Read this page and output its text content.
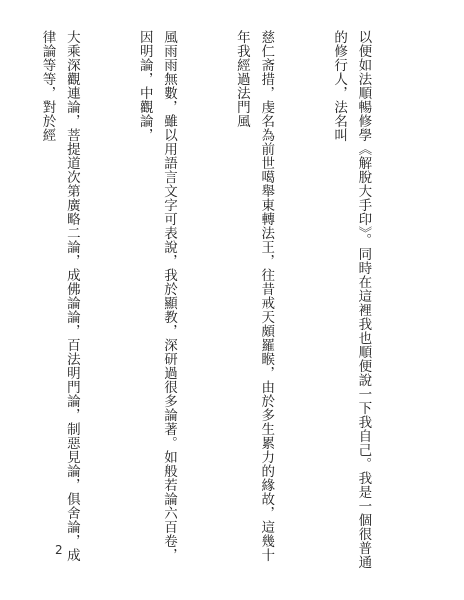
以便如法順暢修學《解脫大手印》。同時在這裡我也順便說一下我自己。我是一個很普通的修行人，法名叫

慈仁斋措，虔名為前世噶舉東轉法王，往昔戒天頗羅睺，由於多生累力的緣故，這幾十年我經過法門風

風雨雨無數，雖以用語言文字可表說，我於顯教，深研過很多論著。如般若論六百卷，因明論，中觀論，

大乘深觀連論，菩提道次第廣略二論，成佛論論，百法明門論，制惡見論，俱舍論，成律論等等，對於經

2
